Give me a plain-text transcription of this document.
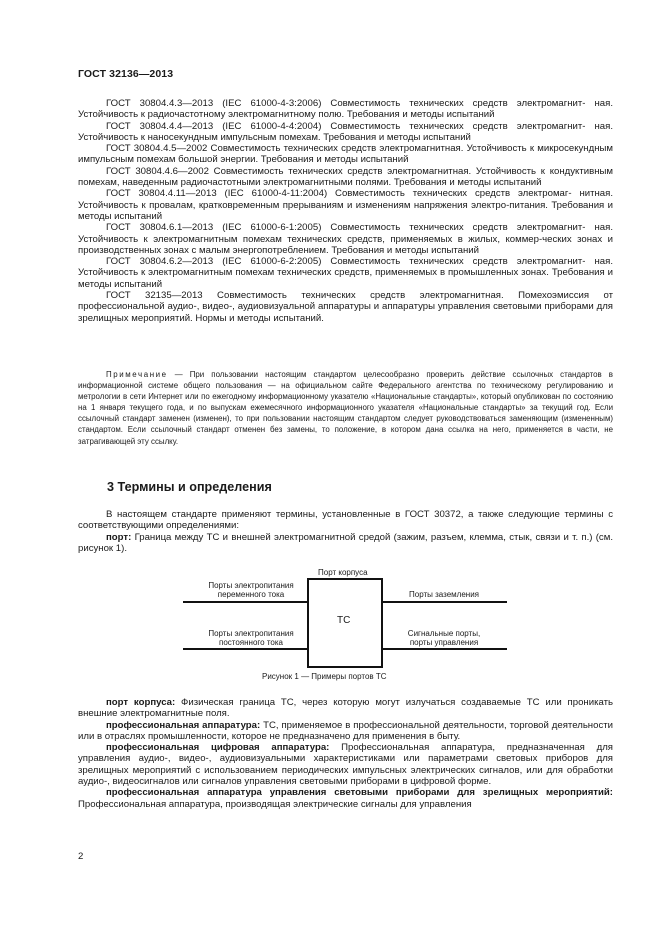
ГОСТ 32136—2013

ГОСТ 30804.4.3—2013 (IEC 61000-4-3:2006) Совместимость технических средств электромагнит- ная. Устойчивость к радиочастотному электромагнитному полю. Требования и методы испытаний

ГОСТ 30804.4.4—2013 (IEC 61000-4-4:2004) Совместимость технических средств электромагнит- ная. Устойчивость к наносекундным импульсным помехам. Требования и методы испытаний

ГОСТ 30804.4.5—2002 Совместимость технических средств электромагнитная. Устойчивость к микросекундным импульсным помехам большой энергии. Требования и методы испытаний

ГОСТ 30804.4.6—2002 Совместимость технических средств электромагнитная. Устойчивость к кондуктивным помехам, наведенным радиочастотными электромагнитными полями. Требования и методы испытаний

ГОСТ 30804.4.11—2013 (IEC 61000-4-11:2004) Совместимость технических средств электромаг- нитная. Устойчивость к провалам, кратковременным прерываниям и изменениям напряжения электро-питания. Требования и методы испытаний

ГОСТ 30804.6.1—2013 (IEC 61000-6-1:2005) Совместимость технических средств электромагнит- ная. Устойчивость к электромагнитным помехам технических средств, применяемых в жилых, коммер-ческих зонах и производственных зонах с малым энергопотреблением. Требования и методы испытаний

ГОСТ 30804.6.2—2013 (IEC 61000-6-2:2005) Совместимость технических средств электромагнит- ная. Устойчивость к электромагнитным помехам технических средств, применяемых в промышленных зонах. Требования и методы испытаний

ГОСТ 32135—2013 Совместимость технических средств электромагнитная. Помехоэмиссия от профессиональной аудио-, видео-, аудиовизуальной аппаратуры и аппаратуры управления световыми приборами для зрелищных мероприятий. Нормы и методы испытаний.

Примечание — При пользовании настоящим стандартом целесообразно проверить действие ссылочных стандартов в информационной системе общего пользования — на официальном сайте Федерального агентства по техническому регулированию и метрологии в сети Интернет или по ежегодному информационному указателю «Национальные стандарты», который опубликован по состоянию на 1 января текущего года, и по выпускам ежемесячного информационного указателя «Национальные стандарты» за текущий год. Если ссылочный стандарт заменен (изменен), то при пользовании настоящим стандартом следует руководствоваться заменяющим (измененным) стандартом. Если ссылочный стандарт отменен без замены, то положение, в котором дана ссылка на него, применяется в части, не затрагивающей эту ссылку.
3 Термины и определения

В настоящем стандарте применяют термины, установленные в ГОСТ 30372, а также следующие термины с соответствующими определениями:

порт: Граница между ТС и внешней электромагнитной средой (зажим, разъем, клемма, стык, связи и т. п.) (см. рисунок 1).

Порт корпуса
ТС
Порты электропитания
переменного тока
Порты электропитания
постоянного тока
Порты заземления
Сигнальные порты,
порты управления
Рисунок 1 — Примеры портов ТС

порт корпуса: Физическая граница ТС, через которую могут излучаться создаваемые ТС или проникать внешние электромагнитные поля.

профессиональная аппаратура: ТС, применяемое в профессиональной деятельности, торговой деятельности или в отраслях промышленности, которое не предназначено для применения в быту.

профессиональная цифровая аппаратура: Профессиональная аппаратура, предназначенная для управления аудио-, видео-, аудиовизуальными характеристиками или параметрами световых приборов для зрелищных мероприятий с использованием периодических импульсных электрических сигналов, или для обработки аудио-, видеосигналов или сигналов управления световыми приборами в цифровой форме.

профессиональная аппаратура управления световыми приборами для зрелищных мероприятий: Профессиональная аппаратура, производящая электрические сигналы для управления

2
